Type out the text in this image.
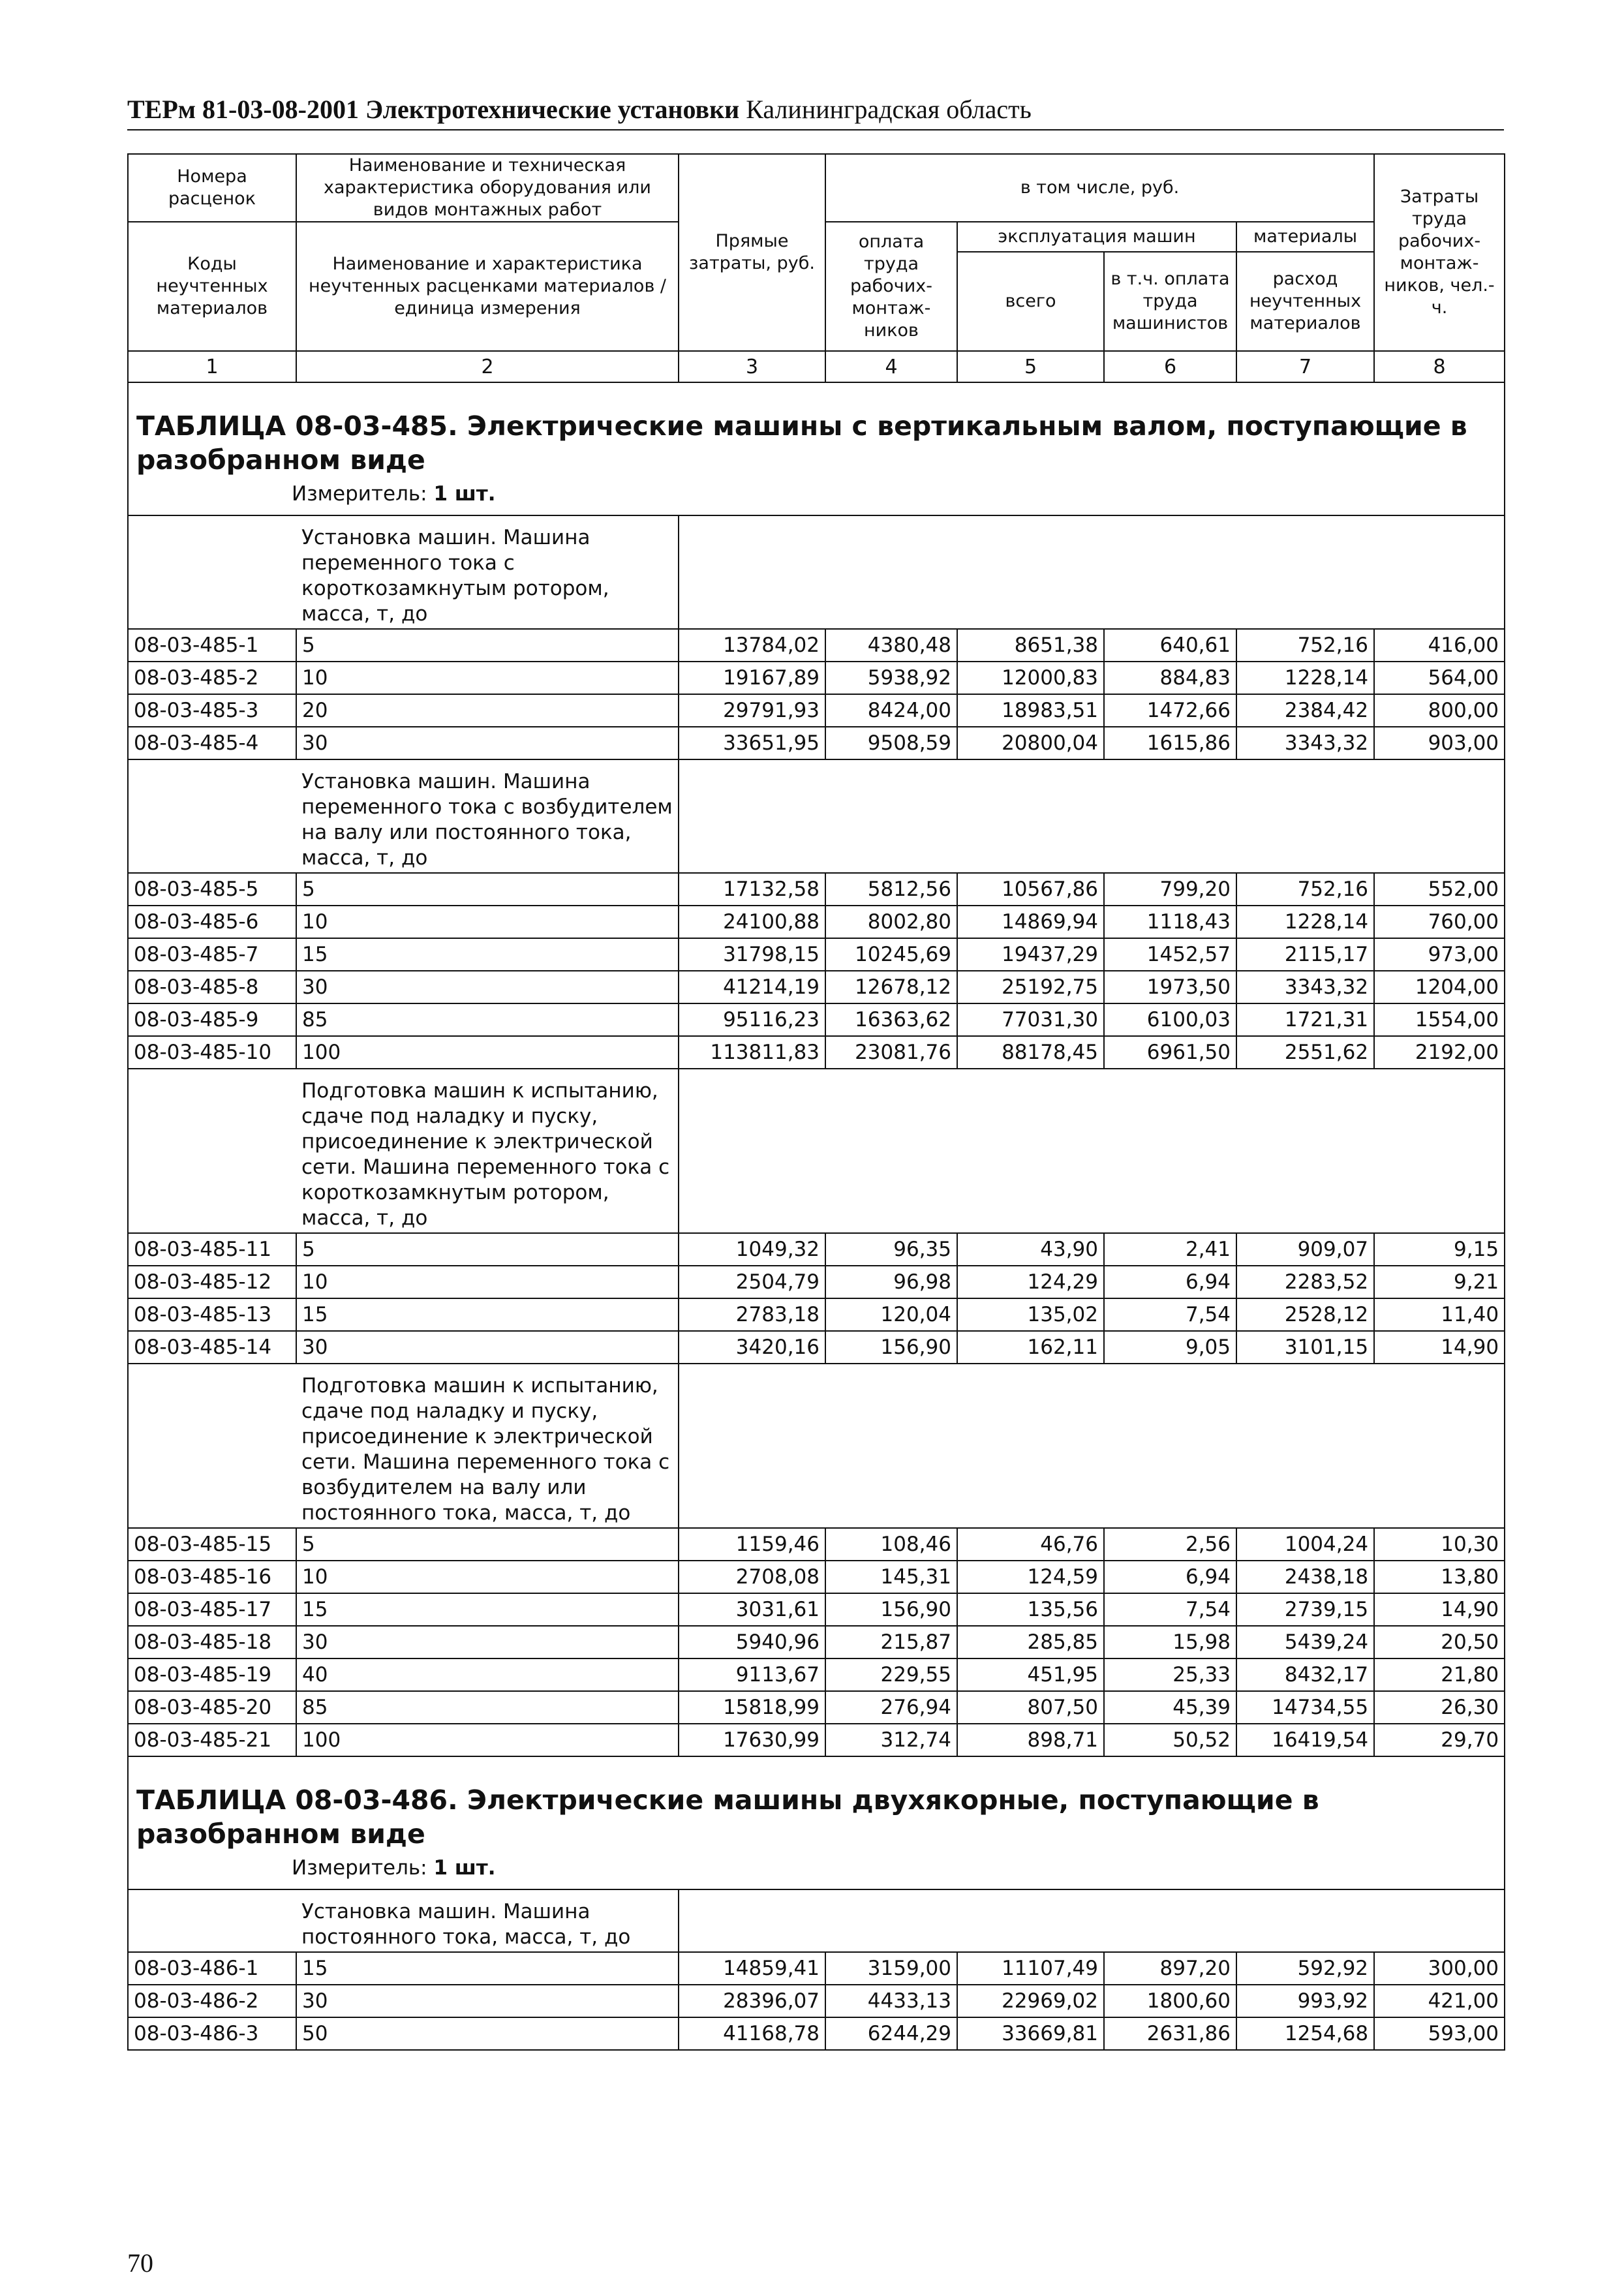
ТЕРм 81-03-08-2001 Электротехнические установки Калининградская область
Номера расценок	Наименование и техническая характеристика оборудования или видов монтажных работ	Прямые затраты, руб.	в том числе, руб.				Затраты труда рабочих-монтаж-ников, чел.-ч.
Коды неучтенных материалов	Наименование и характеристика неучтенных расценками материалов / единица измерения		оплата труда рабочих-монтаж-ников	эксплуатация машин		материалы	
				всего	в т.ч. оплата труда машинистов	расход неучтенных материалов	
1	2	3	4	5	6	7	8
ТАБЛИЦА 08-03-485. Электрические машины с вертикальным валом, поступающие в разобранном виде							
Измеритель: 1 шт.							
	Установка машин. Машина переменного тока с короткозамкнутым ротором, масса, т, до						
08-03-485-1	5	13784,02	4380,48	8651,38	640,61	752,16	416,00
08-03-485-2	10	19167,89	5938,92	12000,83	884,83	1228,14	564,00
08-03-485-3	20	29791,93	8424,00	18983,51	1472,66	2384,42	800,00
08-03-485-4	30	33651,95	9508,59	20800,04	1615,86	3343,32	903,00
	Установка машин. Машина переменного тока с возбудителем на валу или постоянного тока, масса, т, до						
08-03-485-5	5	17132,58	5812,56	10567,86	799,20	752,16	552,00
08-03-485-6	10	24100,88	8002,80	14869,94	1118,43	1228,14	760,00
08-03-485-7	15	31798,15	10245,69	19437,29	1452,57	2115,17	973,00
08-03-485-8	30	41214,19	12678,12	25192,75	1973,50	3343,32	1204,00
08-03-485-9	85	95116,23	16363,62	77031,30	6100,03	1721,31	1554,00
08-03-485-10	100	113811,83	23081,76	88178,45	6961,50	2551,62	2192,00
	Подготовка машин к испытанию, сдаче под наладку и пуску, присоединение к электрической сети. Машина переменного тока с короткозамкнутым ротором, масса, т, до						
08-03-485-11	5	1049,32	96,35	43,90	2,41	909,07	9,15
08-03-485-12	10	2504,79	96,98	124,29	6,94	2283,52	9,21
08-03-485-13	15	2783,18	120,04	135,02	7,54	2528,12	11,40
08-03-485-14	30	3420,16	156,90	162,11	9,05	3101,15	14,90
	Подготовка машин к испытанию, сдаче под наладку и пуску, присоединение к электрической сети. Машина переменного тока с возбудителем на валу или постоянного тока, масса, т, до						
08-03-485-15	5	1159,46	108,46	46,76	2,56	1004,24	10,30
08-03-485-16	10	2708,08	145,31	124,59	6,94	2438,18	13,80
08-03-485-17	15	3031,61	156,90	135,56	7,54	2739,15	14,90
08-03-485-18	30	5940,96	215,87	285,85	15,98	5439,24	20,50
08-03-485-19	40	9113,67	229,55	451,95	25,33	8432,17	21,80
08-03-485-20	85	15818,99	276,94	807,50	45,39	14734,55	26,30
08-03-485-21	100	17630,99	312,74	898,71	50,52	16419,54	29,70
ТАБЛИЦА 08-03-486. Электрические машины двухякорные, поступающие в разобранном виде							
Измеритель: 1 шт.							
	Установка машин. Машина постоянного тока, масса, т, до						
08-03-486-1	15	14859,41	3159,00	11107,49	897,20	592,92	300,00
08-03-486-2	30	28396,07	4433,13	22969,02	1800,60	993,92	421,00
08-03-486-3	50	41168,78	6244,29	33669,81	2631,86	1254,68	593,00
70
